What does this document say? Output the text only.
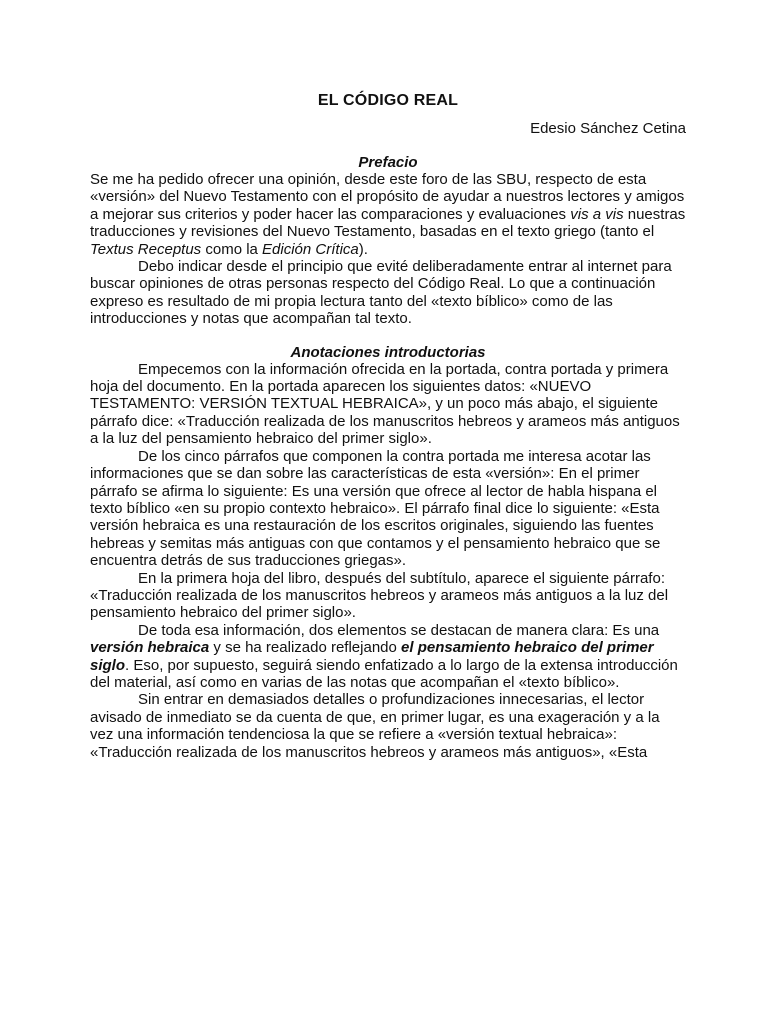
EL CÓDIGO REAL
Edesio Sánchez Cetina
Prefacio

Se me ha pedido ofrecer una opinión, desde este foro de las SBU, respecto de esta «versión» del Nuevo Testamento con el propósito de ayudar a nuestros lectores y amigos a mejorar sus criterios y poder hacer las comparaciones y evaluaciones vis a vis nuestras traducciones y revisiones del Nuevo Testamento, basadas en el texto griego (tanto el Textus Receptus como la Edición Crítica).

Debo indicar desde el principio que evité deliberadamente entrar al internet para buscar opiniones de otras personas respecto del Código Real. Lo que a continuación expreso es resultado de mi propia lectura tanto del «texto bíblico» como de las introducciones y notas que acompañan tal texto.

Anotaciones introductorias

Empecemos con la información ofrecida en la portada, contra portada y primera hoja del documento. En la portada aparecen los siguientes datos: «NUEVO TESTAMENTO: VERSIÓN TEXTUAL HEBRAICA», y un poco más abajo, el siguiente párrafo dice: «Traducción realizada de los manuscritos hebreos y arameos más antiguos a la luz del pensamiento hebraico del primer siglo».

De los cinco párrafos que componen la contra portada me interesa acotar las informaciones que se dan sobre las características de esta «versión»: En el primer párrafo se afirma lo siguiente: Es una versión que ofrece al lector de habla hispana el texto bíblico «en su propio contexto hebraico». El párrafo final dice lo siguiente: «Esta versión hebraica es una restauración de los escritos originales, siguiendo las fuentes hebreas y semitas más antiguas con que contamos y el pensamiento hebraico que se encuentra detrás de sus traducciones griegas».

En la primera hoja del libro, después del subtítulo, aparece el siguiente párrafo: «Traducción realizada de los manuscritos hebreos y arameos más antiguos a la luz del pensamiento hebraico del primer siglo».

De toda esa información, dos elementos se destacan de manera clara: Es una versión hebraica y se ha realizado reflejando el pensamiento hebraico del primer siglo. Eso, por supuesto, seguirá siendo enfatizado a lo largo de la extensa introducción del material, así como en varias de las notas que acompañan el «texto bíblico».

Sin entrar en demasiados detalles o profundizaciones innecesarias, el lector avisado de inmediato se da cuenta de que, en primer lugar, es una exageración y a la vez una información tendenciosa la que se refiere a «versión textual hebraica»: «Traducción realizada de los manuscritos hebreos y arameos más antiguos», «Esta
